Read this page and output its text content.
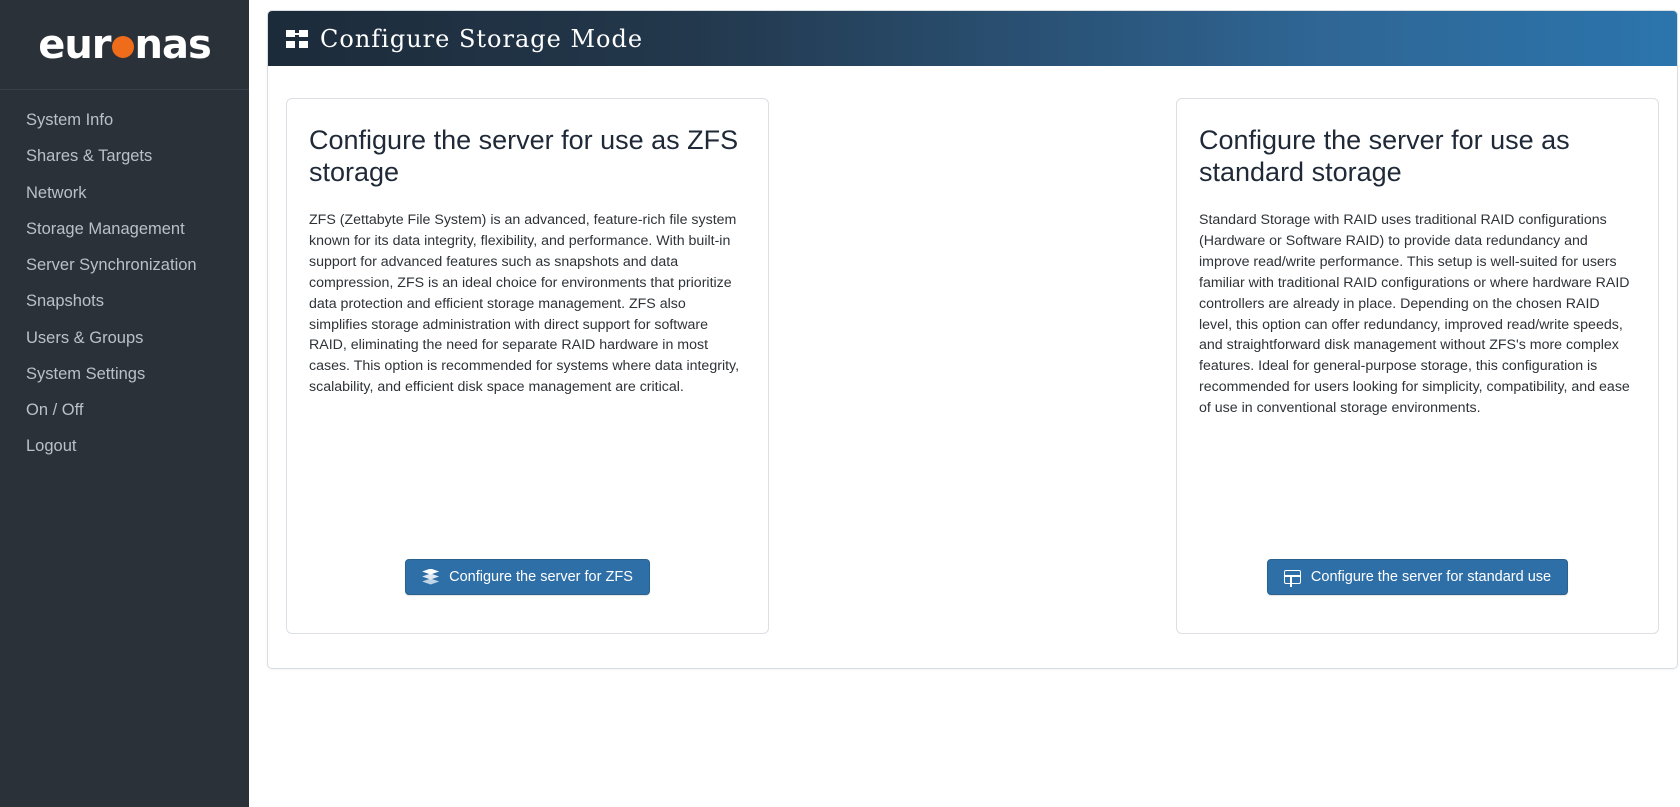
eur nas
System Info
Shares & Targets
Network
Storage Management
Server Synchronization
Snapshots
Users & Groups
System Settings
On / Off
Logout
Configure Storage Mode
Configure the server for use as ZFS storage

ZFS (Zettabyte File System) is an advanced, feature-rich file system known for its data integrity, flexibility, and performance. With built-in support for advanced features such as snapshots and data compression, ZFS is an ideal choice for environments that prioritize data protection and efficient storage management. ZFS also simplifies storage administration with direct support for software RAID, eliminating the need for separate RAID hardware in most cases. This option is recommended for systems where data integrity, scalability, and efficient disk space management are critical.

Configure the server for ZFS
Configure the server for use as standard storage

Standard Storage with RAID uses traditional RAID configurations (Hardware or Software RAID) to provide data redundancy and improve read/write performance. This setup is well-suited for users familiar with traditional RAID configurations or where hardware RAID controllers are already in place. Depending on the chosen RAID level, this option can offer redundancy, improved read/write speeds, and straightforward disk management without ZFS's more complex features. Ideal for general-purpose storage, this configuration is recommended for users looking for simplicity, compatibility, and ease of use in conventional storage environments.

Configure the server for standard use
